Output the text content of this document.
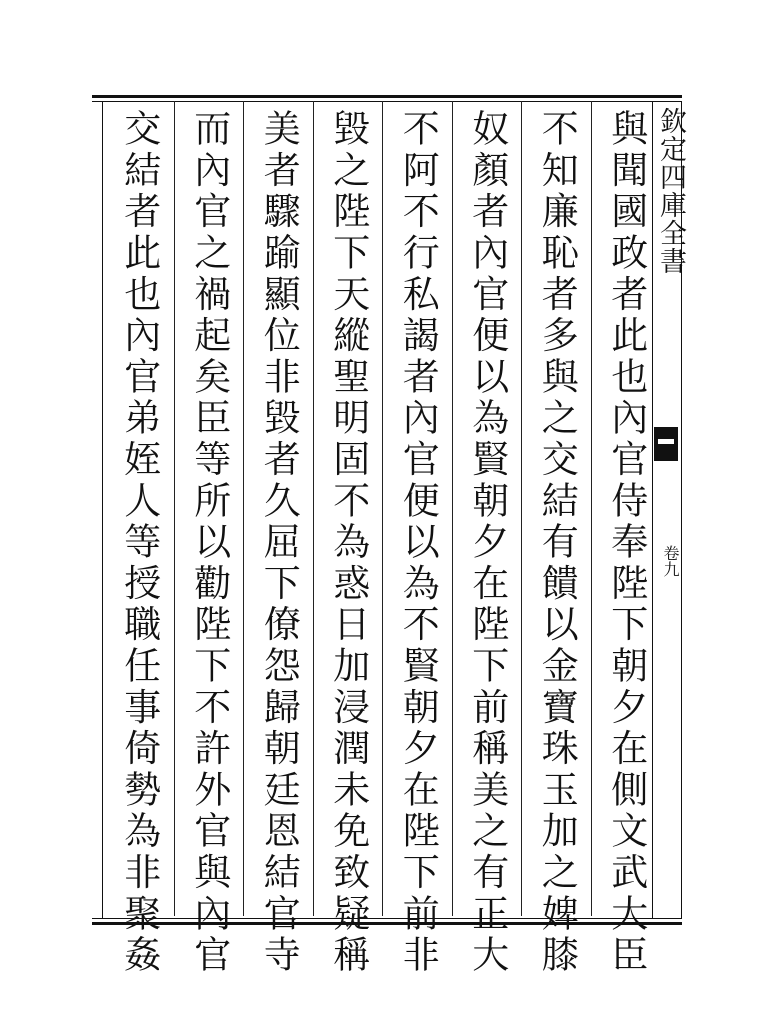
欽定四庫全書
卷九
與聞國政者此也內官侍奉陛下朝夕在側文武大臣
不知廉恥者多與之交結有饋以金寶珠玉加之婢膝
奴顏者內官便以為賢朝夕在陛下前稱美之有正大
不阿不行私謁者內官便以為不賢朝夕在陛下前非
毀之陛下天縱聖明固不為惑日加浸潤未免致疑稱
美者驟踰顯位非毀者久屈下僚怨歸朝廷恩結官寺
而內官之禍起矣臣等所以勸陛下不許外官與內官
交結者此也內官弟姪人等授職任事倚勢為非聚姦
